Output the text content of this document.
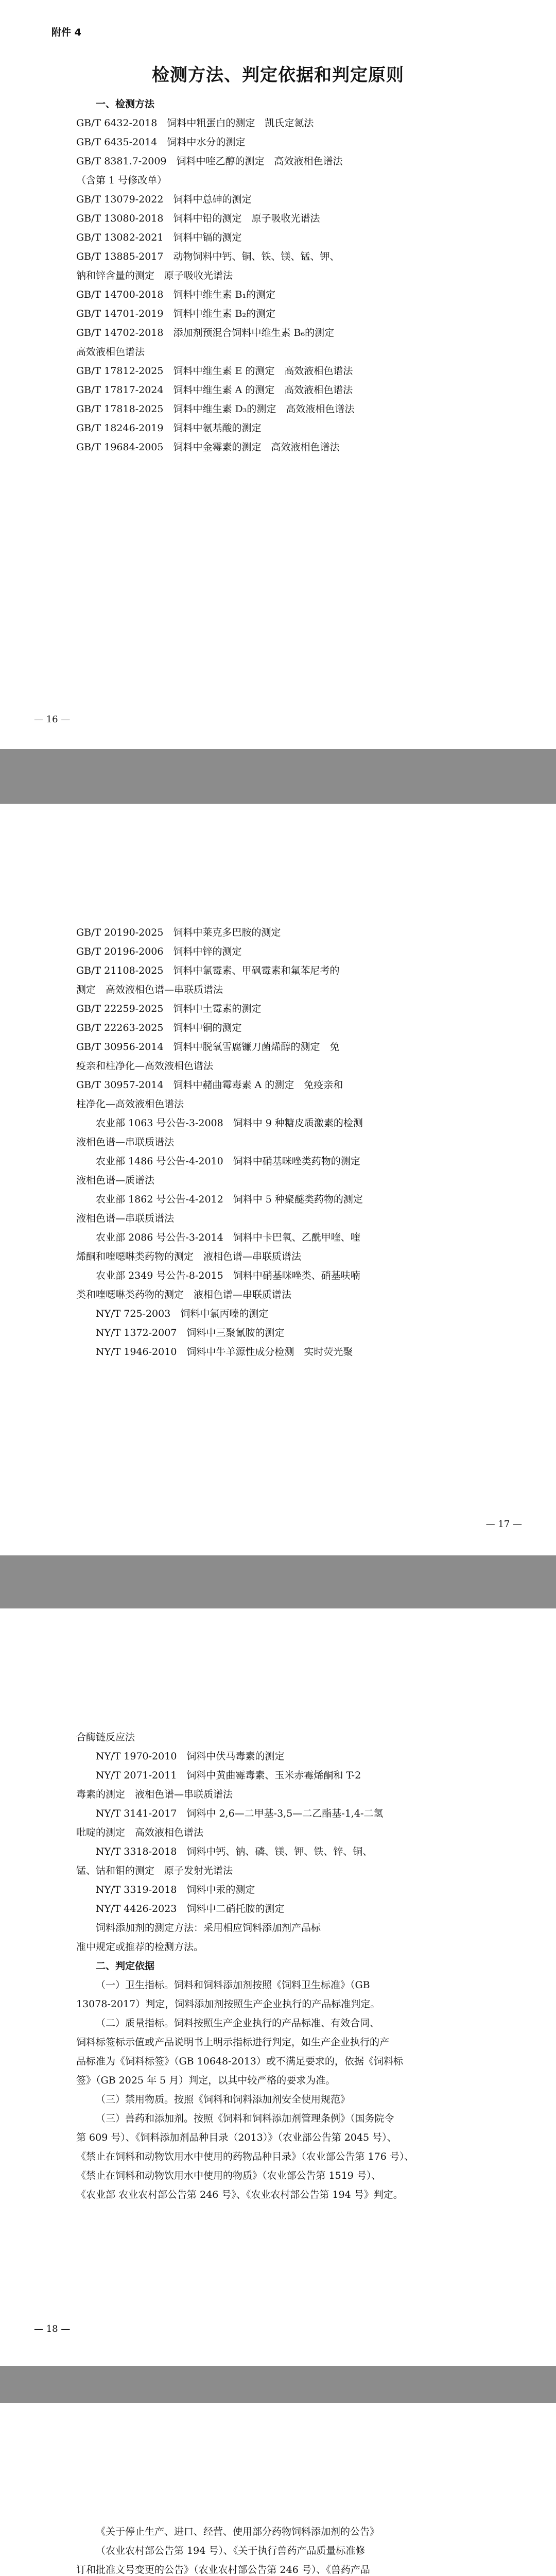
附件 4
检测方法、判定依据和判定原则
一、检测方法
GB/T 6432-2018　饲料中粗蛋白的测定　凯氏定氮法
GB/T 6435-2014　饲料中水分的测定
GB/T 8381.7-2009　饲料中喹乙醇的测定　高效液相色谱法
（含第 1 号修改单）
GB/T 13079-2022　饲料中总砷的测定
GB/T 13080-2018　饲料中铅的测定　原子吸收光谱法
GB/T 13082-2021　饲料中镉的测定
GB/T 13885-2017　动物饲料中钙、铜、铁、镁、锰、钾、
钠和锌含量的测定　原子吸收光谱法
GB/T 14700-2018　饲料中维生素 B₁的测定
GB/T 14701-2019　饲料中维生素 B₂的测定
GB/T 14702-2018　添加剂预混合饲料中维生素 B₆的测定
高效液相色谱法
GB/T 17812-2025　饲料中维生素 E 的测定　高效液相色谱法
GB/T 17817-2024　饲料中维生素 A 的测定　高效液相色谱法
GB/T 17818-2025　饲料中维生素 D₃的测定　高效液相色谱法
GB/T 18246-2019　饲料中氨基酸的测定
GB/T 19684-2005　饲料中金霉素的测定　高效液相色谱法
— 16 —
GB/T 20190-2025　饲料中莱克多巴胺的测定
GB/T 20196-2006　饲料中锌的测定
GB/T 21108-2025　饲料中氯霉素、甲砜霉素和氟苯尼考的
测定　高效液相色谱—串联质谱法
GB/T 22259-2025　饲料中土霉素的测定
GB/T 22263-2025　饲料中铜的测定
GB/T 30956-2014　饲料中脱氧雪腐镰刀菌烯醇的测定　免
疫亲和柱净化—高效液相色谱法
GB/T 30957-2014　饲料中赭曲霉毒素 A 的测定　免疫亲和
柱净化—高效液相色谱法
农业部 1063 号公告-3-2008　饲料中 9 种糖皮质激素的检测
液相色谱—串联质谱法
农业部 1486 号公告-4-2010　饲料中硝基咪唑类药物的测定
液相色谱—质谱法
农业部 1862 号公告-4-2012　饲料中 5 种聚醚类药物的测定
液相色谱—串联质谱法
农业部 2086 号公告-3-2014　饲料中卡巴氧、乙酰甲喹、喹
烯酮和喹噁啉类药物的测定　液相色谱—串联质谱法
农业部 2349 号公告-8-2015　饲料中硝基咪唑类、硝基呋喃
类和喹噁啉类药物的测定　液相色谱—串联质谱法
NY/T 725-2003　饲料中氯丙嗪的测定
NY/T 1372-2007　饲料中三聚氰胺的测定
NY/T 1946-2010　饲料中牛羊源性成分检测　实时荧光聚
— 17 —
合酶链反应法
NY/T 1970-2010　饲料中伏马毒素的测定
NY/T 2071-2011　饲料中黄曲霉毒素、玉米赤霉烯酮和 T-2
毒素的测定　液相色谱—串联质谱法
NY/T 3141-2017　饲料中 2,6—二甲基-3,5—二乙酯基-1,4-二氢
吡啶的测定　高效液相色谱法
NY/T 3318-2018　饲料中钙、钠、磷、镁、钾、铁、锌、铜、
锰、钴和钼的测定　原子发射光谱法
NY/T 3319-2018　饲料中汞的测定
NY/T 4426-2023　饲料中二硝托胺的测定
饲料添加剂的测定方法：采用相应饲料添加剂产品标
准中规定或推荐的检测方法。
二、判定依据
（一）卫生指标。饲料和饲料添加剂按照《饲料卫生标准》（GB
13078-2017）判定，饲料添加剂按照生产企业执行的产品标准判定。
（二）质量指标。饲料按照生产企业执行的产品标准、有效合同、
饲料标签标示值或产品说明书上明示指标进行判定，如生产企业执行的产
品标准为《饲料标签》（GB 10648-2013）或不满足要求的，依据《饲料标
签》（GB 2025 年 5 月）判定，以其中较严格的要求为准。
（三）禁用物质。按照《饲料和饲料添加剂安全使用规范》
（三）兽药和添加剂。按照《饲料和饲料添加剂管理条例》（国务院令
第 609 号）、《饲料添加剂品种目录（2013）》（农业部公告第 2045 号）、
《禁止在饲料和动物饮用水中使用的药物品种目录》（农业部公告第 176 号）、
《禁止在饲料和动物饮用水中使用的物质》（农业部公告第 1519 号）、
《农业部 农业农村部公告第 246 号》、《农业农村部公告第 194 号》判定。
— 18 —
《关于停止生产、进口、经营、使用部分药物饲料添加剂的公告》
（农业农村部公告第 194 号）、《关于执行兽药产品质量标准修
订和批准文号变更的公告》（农业农村部公告第 246 号）、《兽药产品
